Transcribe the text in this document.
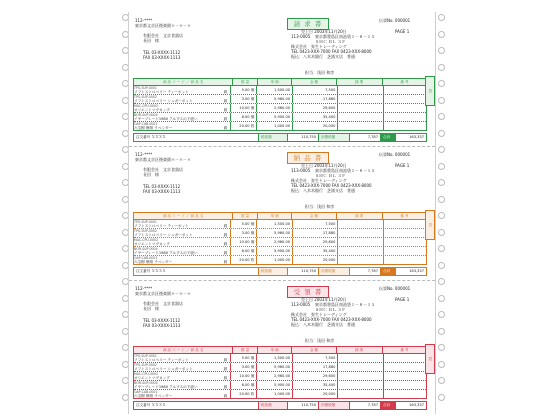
112-****
東京都文京区後楽園＊－＊－＊
有限会社　文京食器店
長田　様
TEL 03-XXXX-1112
FAX 03-XXXX-1113
請 求 書	伝票No. 000001
売上日 2003年11月20日	PAGE 1
113-0005 東京都豊島区南池袋１－８－１５
ＳＨＣ ＢＬ ３Ｆ
株式会社　弥生トレーディング
TEL 0423-XXX-7000 FAX 0423-XXX-8000
振込：八木木銀行　芝浦支店　普通
担当：浅田 和彦
商 品 コ ー ド ／ 商 品 名	数 量	単 価	金 額	摘 要	備 考
TPG-SUP-0001
ソフトストロベリー ティーポット	源	5.00 個	1,500.00	7,500
TPG-SUP-0002
ソフトストロベリー シュガーポット	源	3.00 個	5,960.00	17,880
MAC-CPU-0002
オリエントマグカップ	源	10.00 個	2,960.00	29,600
NOR-SUP-0004
イヤーブレード1980 アルプスの下絵い	源	6.00 個	5,900.00	35,400
OAP-CAB-0001
六宝樹 懐紙 ラベンダー	源	20.00 枚	1,000.00	20,000
控
注文番号 ＸＸＸＸ	税抜額	110,750	消費税額	7,787	合計	163,337
112-****
東京都文京区後楽園＊－＊－＊
有限会社　文京食器店
長田　様
TEL 03-XXXX-1112
FAX 03-XXXX-1113
納 品 書	伝票No. 000001
売上日 2003年11月20日	PAGE 1
113-0005 東京都豊島区南池袋１－８－１５
ＳＨＣ ＢＬ ３Ｆ
株式会社　弥生トレーディング
TEL 0423-XXX-7000 FAX 0423-XXX-8000
振込：八木木銀行　芝浦支店　普通
担当：浅田 和彦
商 品 コ ー ド ／ 商 品 名	数 量	単 価	金 額	摘 要	備 考
TPG-SUP-0001
ソフトストロベリー ティーポット	源	5.00 個	1,500.00	7,500
TPG-SUP-0002
ソフトストロベリー シュガーポット	源	3.00 個	5,960.00	17,880
MAC-CPU-0002
オリエントマグカップ	源	10.00 個	2,960.00	29,600
NOR-SUP-0004
イヤーブレード1980 アルプスの下絵い	源	6.00 個	5,900.00	35,400
OAP-CAB-0001
六宝樹 懐紙 ラベンダー	源	20.00 枚	1,000.00	20,000
控
注文番号 ＸＸＸＸ	税抜額	110,750	消費税額	7,787	合計	163,337
112-****
東京都文京区後楽園＊－＊－＊
有限会社　文京食器店
長田　様
TEL 03-XXXX-1112
FAX 03-XXXX-1113
受 領 書	伝票No. 000001
売上日 2003年11月20日	PAGE 1
113-0005 東京都豊島区南池袋１－８－１５
ＳＨＣ ＢＬ ３Ｆ
株式会社　弥生トレーディング
TEL 0423-XXX-7000 FAX 0423-XXX-8000
振込：八木木銀行　芝浦支店　普通
担当：浅田 和彦
商 品 コ ー ド ／ 商 品 名	数 量	単 価	金 額	摘 要	備 考
TPG-SUP-0001
ソフトストロベリー ティーポット	源	5.00 個	1,500.00	7,500
TPG-SUP-0002
ソフトストロベリー シュガーポット	源	3.00 個	5,960.00	17,880
MAC-CPU-0002
オリエントマグカップ	源	10.00 個	2,960.00	29,600
NOR-SUP-0004
イヤーブレード1980 アルプスの下絵い	源	6.00 個	5,900.00	35,400
OAP-CAB-0001
六宝樹 懐紙 ラベンダー	源	20.00 枚	1,000.00	20,000
控
注文番号 ＸＸＸＸ	税抜額	110,750	消費税額	7,787	合計	163,337
